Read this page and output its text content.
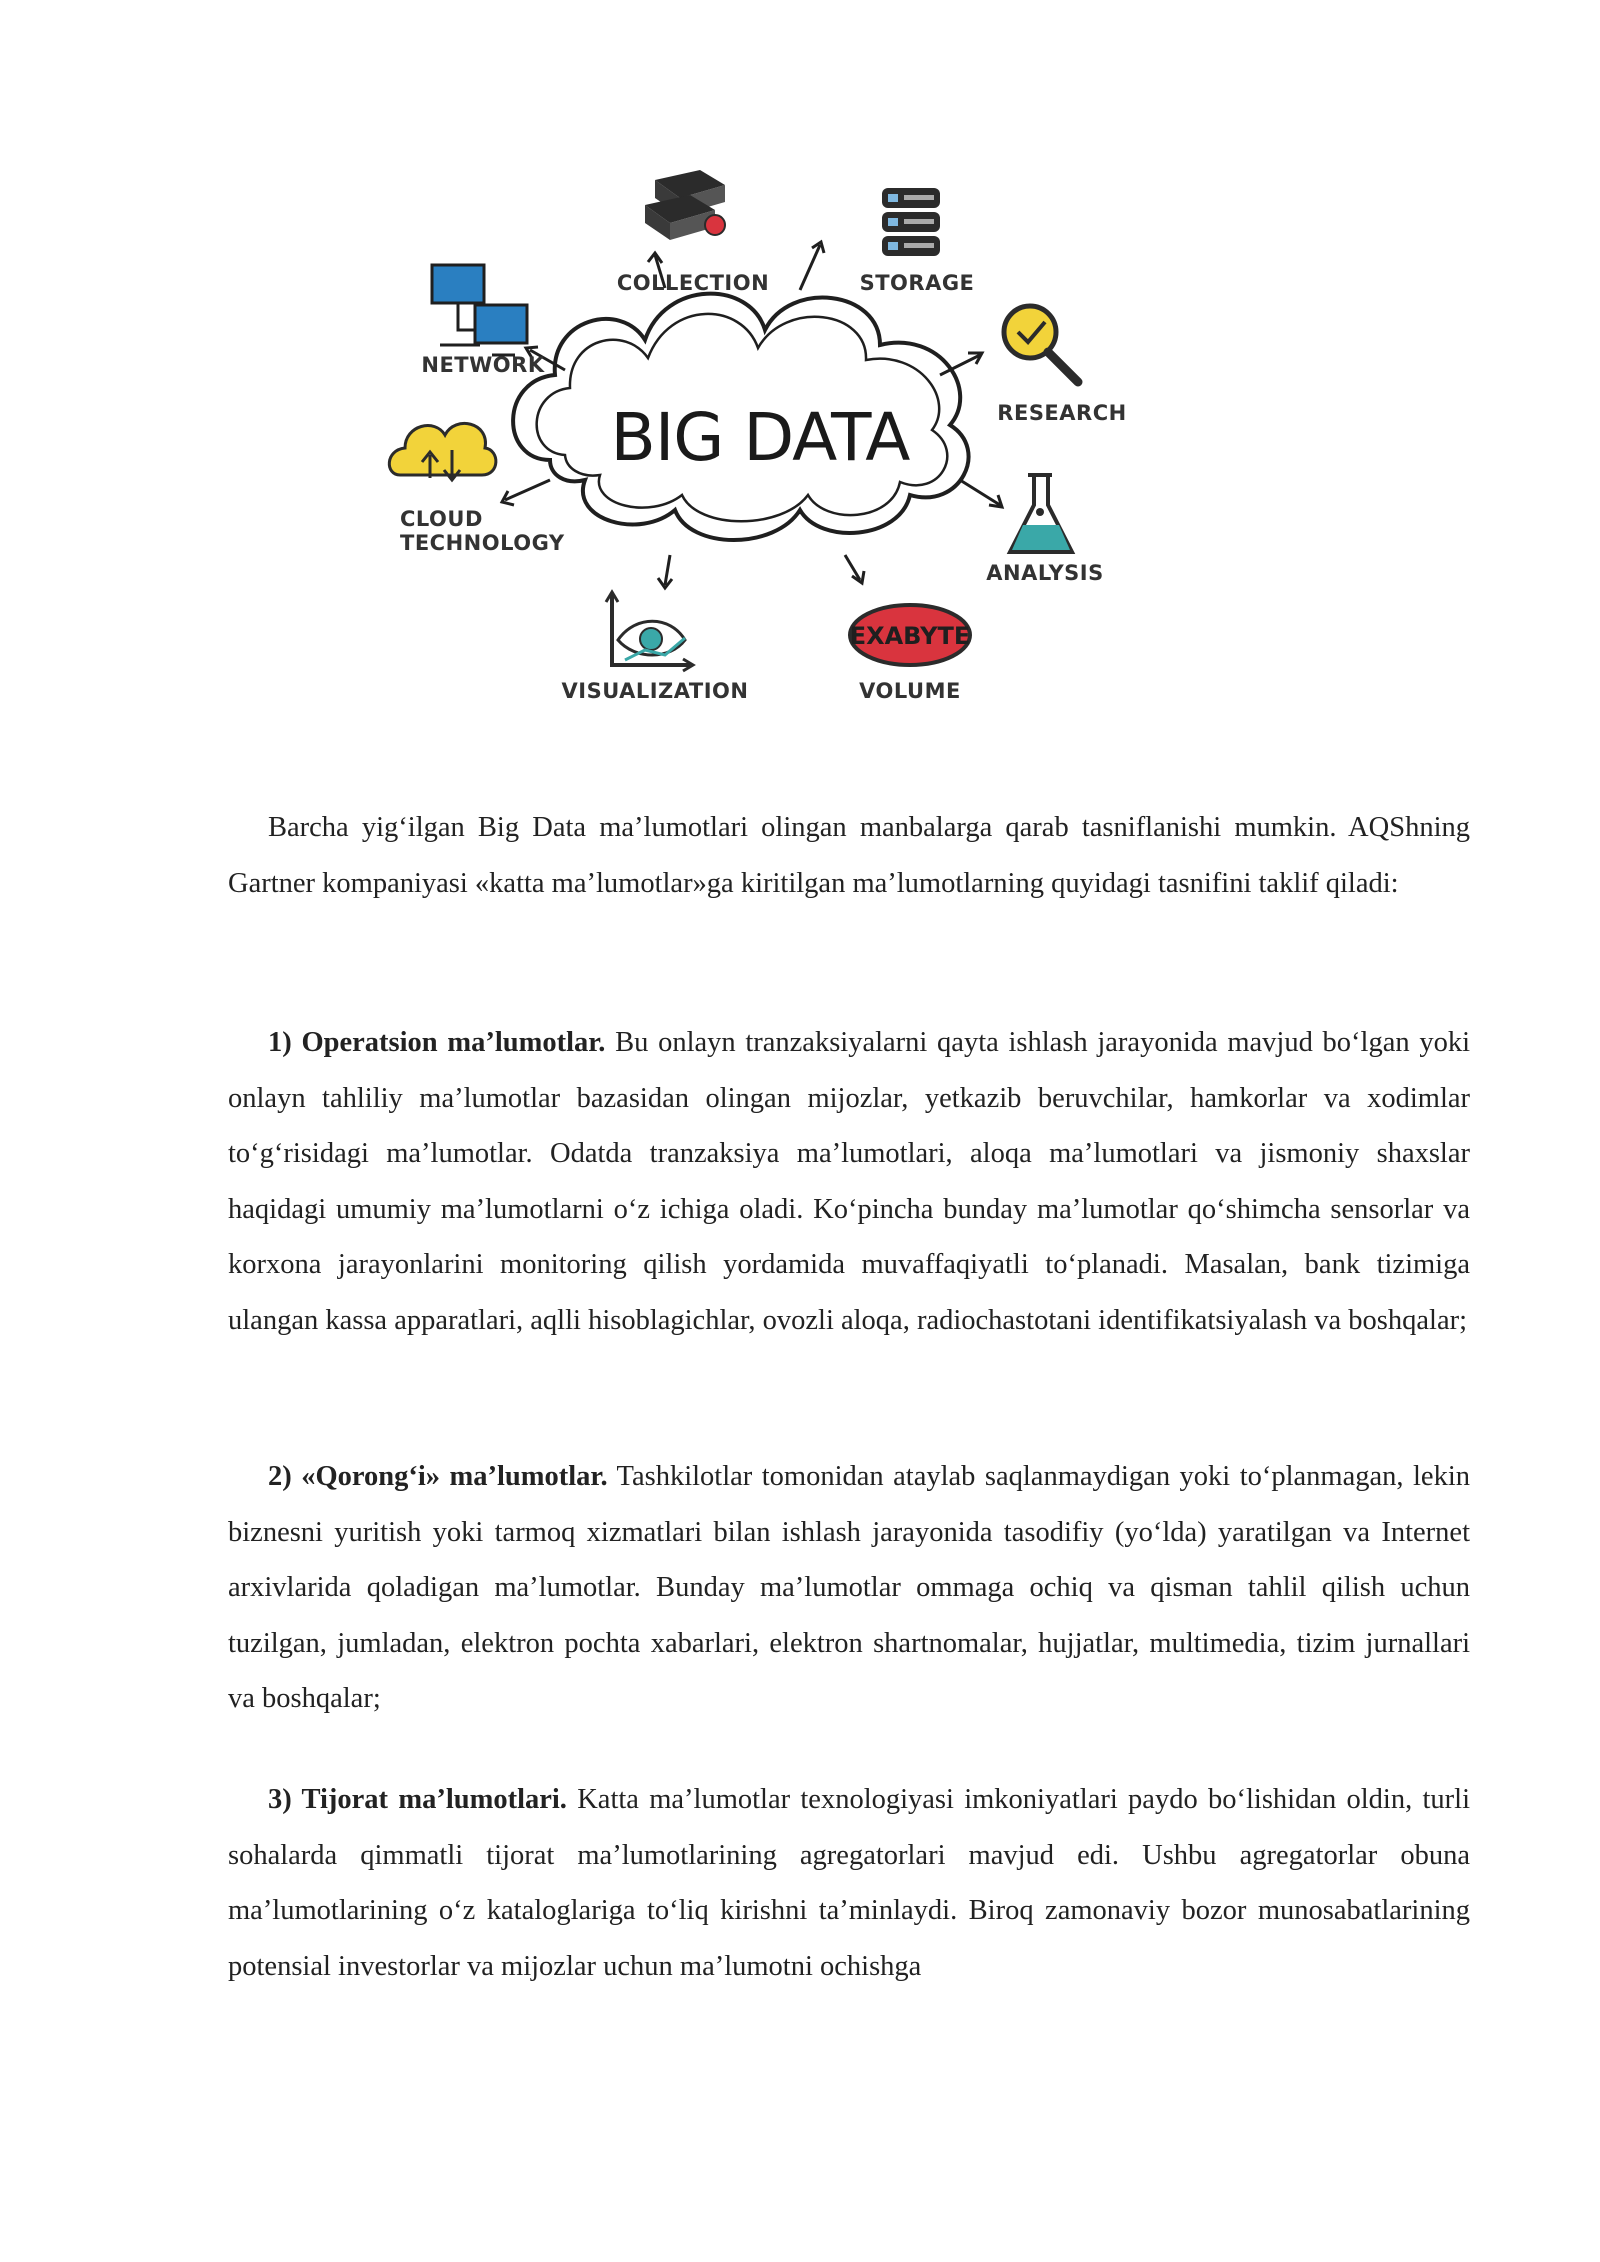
BIG DATA
COLLECTION	STORAGE
NETWORK
RESEARCH
CLOUD
TECHNOLOGY
ANALYSIS
VISUALIZATION
EXABYTE
VOLUME

Barcha yig‘ilgan Big Data ma’lumotlari olingan manbalarga qarab tasniflanishi mumkin. AQShning Gartner kompaniyasi «katta ma’lumotlar»ga kiritilgan ma’lumotlarning quyidagi tasnifini taklif qiladi:

1) Operatsion ma’lumotlar. Bu onlayn tranzaksiyalarni qayta ishlash jarayonida mavjud bo‘lgan yoki onlayn tahliliy ma’lumotlar bazasidan olingan mijozlar, yetkazib beruvchilar, hamkorlar va xodimlar to‘g‘risidagi ma’lumotlar. Odatda tranzaksiya ma’lumotlari, aloqa ma’lumotlari va jismoniy shaxslar haqidagi umumiy ma’lumotlarni o‘z ichiga oladi. Ko‘pincha bunday ma’lumotlar qo‘shimcha sensorlar va korxona jarayonlarini monitoring qilish yordamida muvaffaqiyatli to‘planadi. Masalan, bank tizimiga ulangan kassa apparatlari, aqlli hisoblagichlar, ovozli aloqa, radiochastotani identifikatsiyalash va boshqalar;

2) «Qorong‘i» ma’lumotlar. Tashkilotlar tomonidan ataylab saqlanmaydigan yoki to‘planmagan, lekin biznesni yuritish yoki tarmoq xizmatlari bilan ishlash jarayonida tasodifiy (yo‘lda) yaratilgan va Internet arxivlarida qoladigan ma’lumotlar. Bunday ma’lumotlar ommaga ochiq va qisman tahlil qilish uchun tuzilgan, jumladan, elektron pochta xabarlari, elektron shartnomalar, hujjatlar, multimedia, tizim jurnallari va boshqalar;

3) Tijorat ma’lumotlari. Katta ma’lumotlar texnologiyasi imkoniyatlari paydo bo‘lishidan oldin, turli sohalarda qimmatli tijorat ma’lumotlarining agregatorlari mavjud edi. Ushbu agregatorlar obuna ma’lumotlarining o‘z kataloglariga to‘liq kirishni ta’minlaydi. Biroq zamonaviy bozor munosabatlarining potensial investorlar va mijozlar uchun ma’lumotni ochishga
